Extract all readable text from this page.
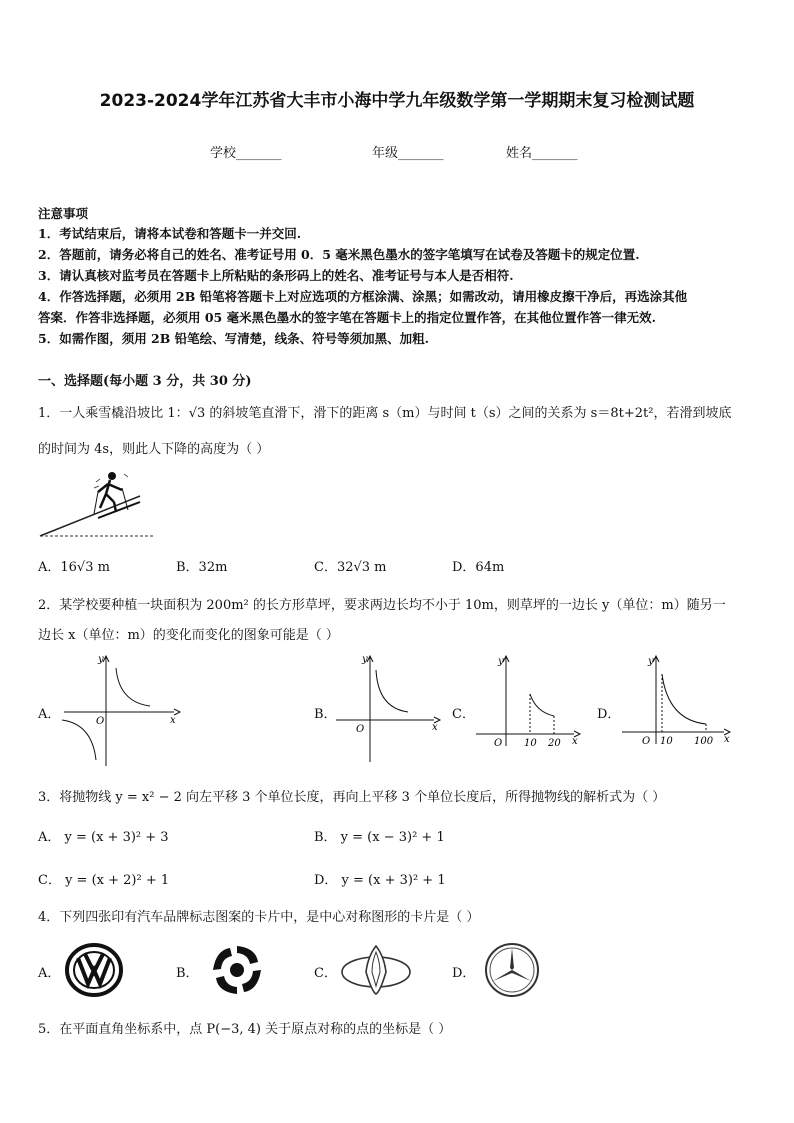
2023-2024学年江苏省大丰市小海中学九年级数学第一学期期末复习检测试题
学校_______	年级_______	姓名_______
注意事项
1．考试结束后，请将本试卷和答题卡一并交回.
2．答题前，请务必将自己的姓名、准考证号用 0．5 毫米黑色墨水的签字笔填写在试卷及答题卡的规定位置.
3．请认真核对监考员在答题卡上所粘贴的条形码上的姓名、准考证号与本人是否相符.
4．作答选择题，必须用 2B 铅笔将答题卡上对应选项的方框涂满、涂黑；如需改动，请用橡皮擦干净后，再选涂其他
答案．作答非选择题，必须用 05 毫米黑色墨水的签字笔在答题卡上的指定位置作答，在其他位置作答一律无效.
5．如需作图，须用 2B 铅笔绘、写清楚，线条、符号等须加黑、加粗.
一、选择题(每小题 3 分，共 30 分)
1．一人乘雪橇沿坡比 1：√3 的斜坡笔直滑下，滑下的距离 s（m）与时间 t（s）之间的关系为 s＝8t+2t²，若滑到坡底
的时间为 4s，则此人下降的高度为（ ）
A．16√3 m	B．32m	C．32√3 m	D．64m
2．某学校要种植一块面积为 200m² 的长方形草坪，要求两边长均不小于 10m，则草坪的一边长 y（单位：m）随另一
边长 x（单位：m）的变化而变化的图象可能是（ ）
A．
y
x
O	B．
y
x
O
C．
y
x
O 10 20
D．
y
x
O 10 100
3．将抛物线 y = x² − 2 向左平移 3 个单位长度，再向上平移 3 个单位长度后，所得抛物线的解析式为（ ）
A． y = (x + 3)² + 3	B． y = (x − 3)² + 1
C． y = (x + 2)² + 1	D． y = (x + 3)² + 1
4．下列四张印有汽车品牌标志图案的卡片中，是中心对称图形的卡片是（ ）
A．	B．	C．	D．
5．在平面直角坐标系中，点 P(−3, 4) 关于原点对称的点的坐标是（ ）
